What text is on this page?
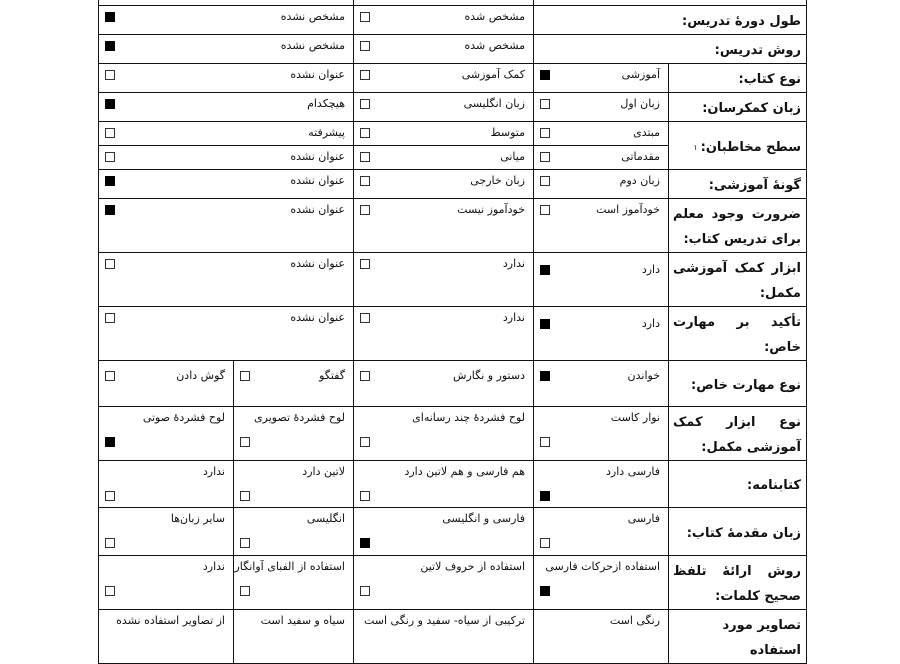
طول دورهٔ تدریس:		مشخص شده	مشخص نشده	

روش تدریس:		مشخص شده	مشخص نشده	

نوع کتاب:	آموزشی	کمک آموزشی	عنوان نشده	

زبان کمکرسان:	زبان اول	زبان انگلیسی	هیچکدام	

سطح مخاطبان:$^۱$	مبتدی	متوسط	پیشرفته	

	مقدماتی	میانی	عنوان نشده	

گونهٔ آموزشی:	زبان دوم	زبان خارجی	عنوان نشده	

ضرورت وجود معلم برای تدریس کتاب:	خودآموز است	خودآموز نیست	عنوان نشده	

ابزار کمک آموزشی مکمل:	دارد	ندارد	عنوان نشده	

تأکید بر مهارت خاص:	دارد	ندارد	عنوان نشده	

نوع مهارت خاص:	خواندن	دستور و نگارش	گفتگو	گوش دادن

نوع ابزار کمک آموزشی مکمل:	نوار کاست	لوح فشردهٔ چند رسانه‌ای	لوح فشردهٔ تصویری	لوح فشردهٔ صوتی

کتابنامه:	فارسی دارد	هم فارسی و هم لاتین دارد	لاتین دارد	ندارد

زبان مقدمهٔ کتاب:	فارسی	فارسی و انگلیسی	انگلیسی	سایر زبان‌ها

روش ارائهٔ تلفظ صحیح کلمات:	استفاده ازحرکات فارسی	استفاده از حروف لاتین	استفاده از الفبای آوانگار	ندارد

تصاویر مورد استفاده	رنگی است	ترکیبی از سیاه- سفید و رنگی است	سیاه و سفید است	از تصاویر استفاده نشده
